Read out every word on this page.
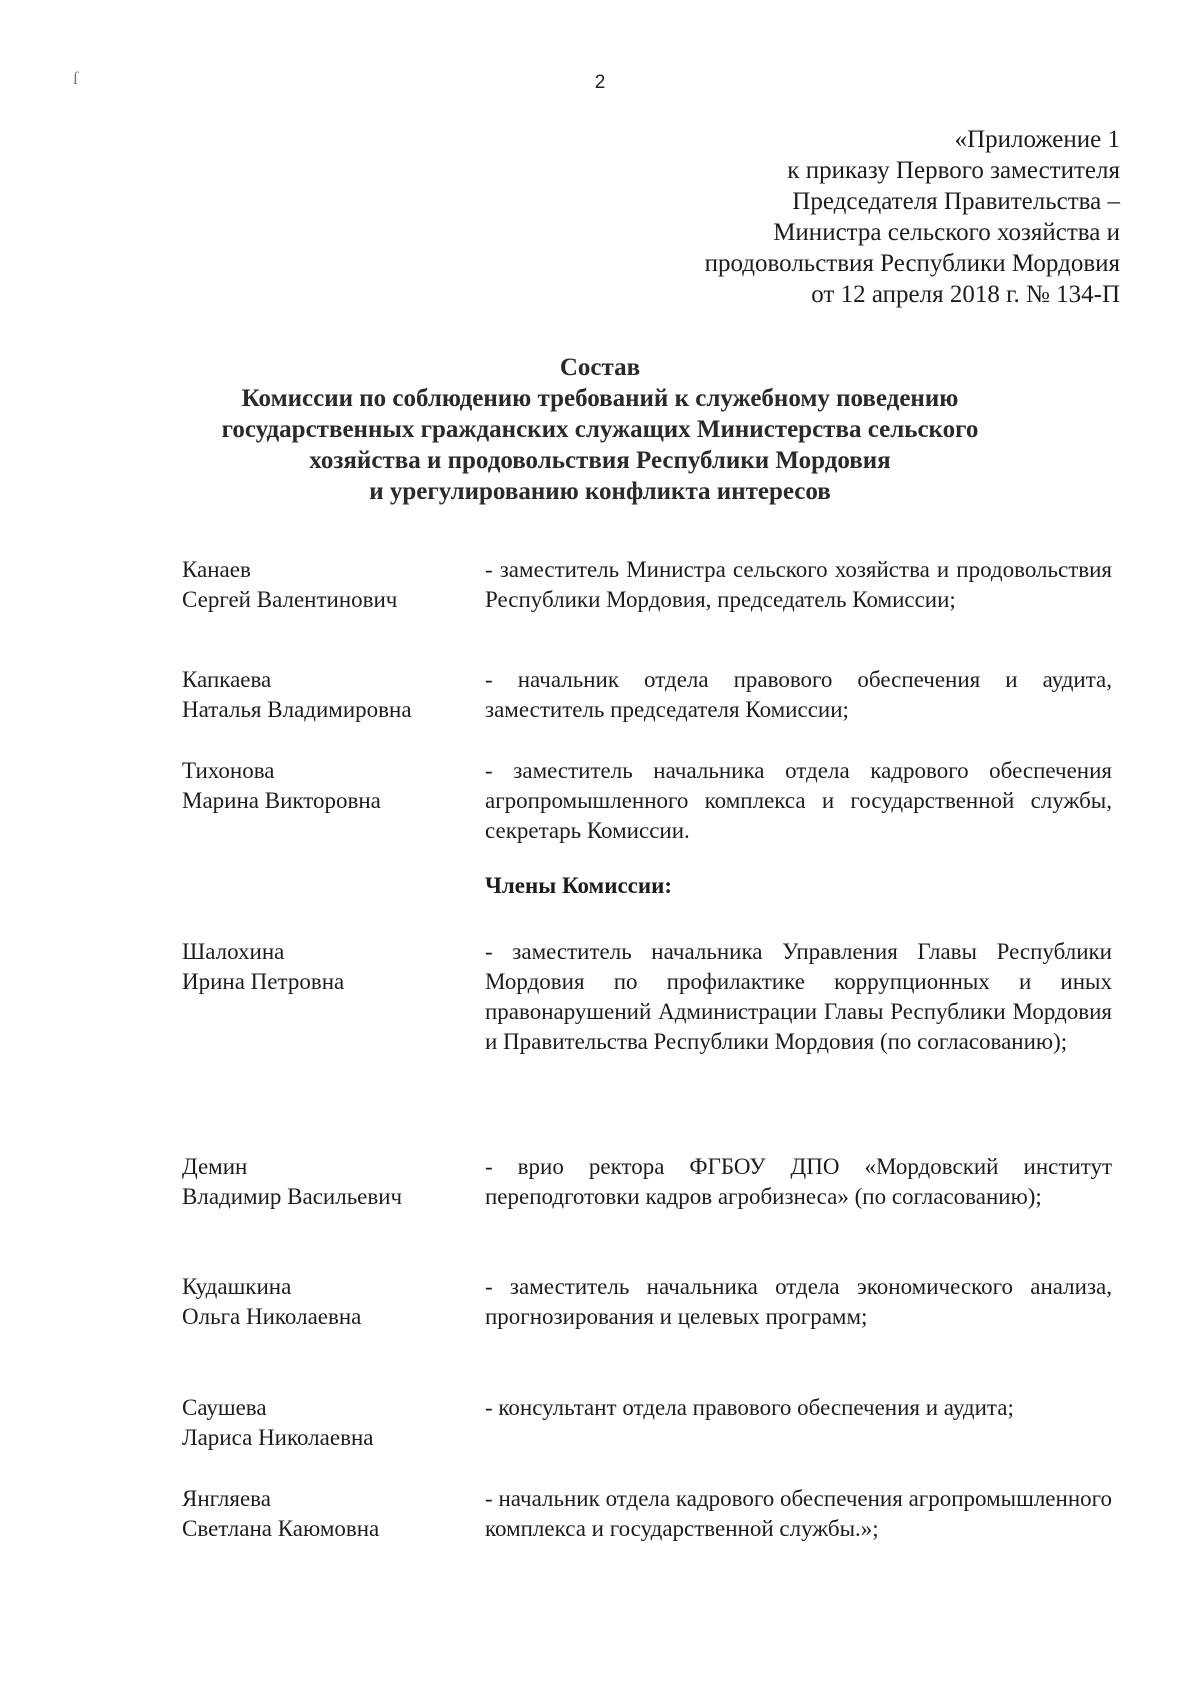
ſ	2
«Приложение 1
к приказу Первого заместителя
Председателя Правительства –
Министра сельского хозяйства и
продовольствия Республики Мордовия
от 12 апреля 2018 г. № 134-П
Состав
Комиссии по соблюдению требований к служебному поведению
государственных гражданских служащих Министерства сельского
хозяйства и продовольствия Республики Мордовия
и урегулированию конфликта интересов
Канаев
Сергей Валентинович
- заместитель Министра сельского хозяйства и продовольствия Республики Мордовия, председатель Комиссии;
Капкаева
Наталья Владимировна
- начальник отдела правового обеспечения и аудита, заместитель председателя Комиссии;
Тихонова
Марина Викторовна
- заместитель начальника отдела кадрового обеспечения агропромышленного комплекса и государственной службы, секретарь Комиссии.
Шалохина
Ирина Петровна
- заместитель начальника Управления Главы Республики Мордовия по профилактике коррупционных и иных правонарушений Администрации Главы Республики Мордовия и Правительства Республики Мордовия (по согласованию);
Демин
Владимир Васильевич
- врио ректора ФГБОУ ДПО «Мордовский институт переподготовки кадров агробизнеса» (по согласованию);
Кудашкина
Ольга Николаевна
- заместитель начальника отдела экономического анализа, прогнозирования и целевых программ;
Саушева
Лариса Николаевна
- консультант отдела правового обеспечения и аудита;
Янгляева
Светлана Каюмовна
- начальник отдела кадрового обеспечения агропромышленного комплекса и государственной службы.»;
Члены Комиссии:
